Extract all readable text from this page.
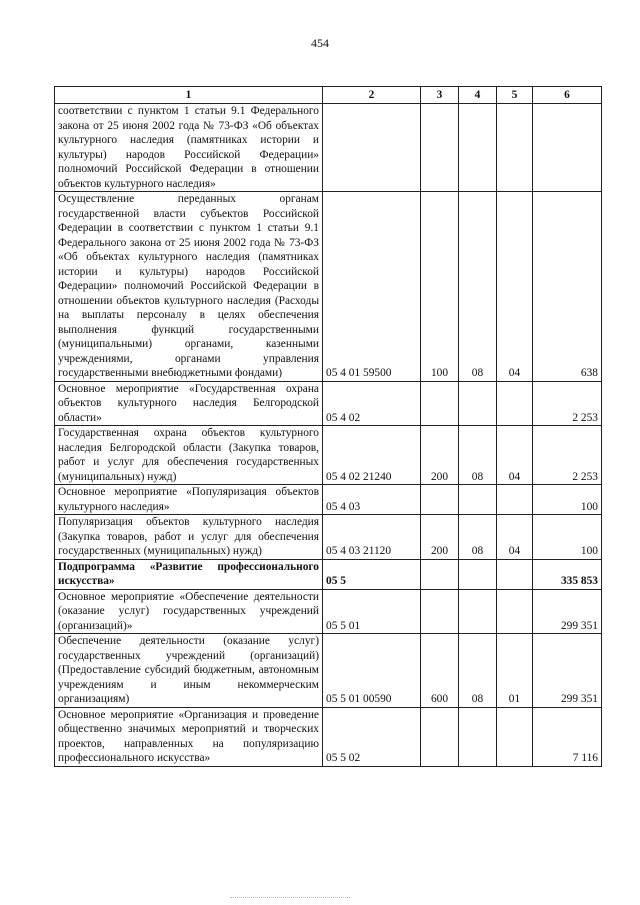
454
1	2	3	4	5	6
соответствии с пунктом 1 статьи 9.1 Федерального закона от 25 июня 2002 года № 73-ФЗ «Об объектах культурного наследия (памятниках истории и культуры) народов Российской Федерации» полномочий Российской Федерации в отношении объектов культурного наследия»					
Осуществление переданных органам государственной власти субъектов Российской Федерации в соответствии с пунктом 1 статьи 9.1 Федерального закона от 25 июня 2002 года № 73-ФЗ «Об объектах культурного наследия (памятниках истории и культуры) народов Российской Федерации» полномочий Российской Федерации в отношении объектов культурного наследия (Расходы на выплаты персоналу в целях обеспечения выполнения функций государственными (муниципальными) органами, казенными учреждениями, органами управления государственными внебюджетными фондами)	05 4 01 59500	100	08	04	638
Основное мероприятие «Государственная охрана объектов культурного наследия Белгородской области»	05 4 02				2 253
Государственная охрана объектов культурного наследия Белгородской области (Закупка товаров, работ и услуг для обеспечения государственных (муниципальных) нужд)	05 4 02 21240	200	08	04	2 253
Основное мероприятие «Популяризация объектов культурного наследия»	05 4 03				100
Популяризация объектов культурного наследия (Закупка товаров, работ и услуг для обеспечения государственных (муниципальных) нужд)	05 4 03 21120	200	08	04	100
Подпрограмма «Развитие профессионального искусства»	05 5				335 853
Основное мероприятие «Обеспечение деятельности (оказание услуг) государственных учреждений (организаций)»	05 5 01				299 351
Обеспечение деятельности (оказание услуг) государственных учреждений (организаций) (Предоставление субсидий бюджетным, автономным учреждениям и иным некоммерческим организациям)	05 5 01 00590	600	08	01	299 351
Основное мероприятие «Организация и проведение общественно значимых мероприятий и творческих проектов, направленных на популяризацию профессионального искусства»	05 5 02				7 116
